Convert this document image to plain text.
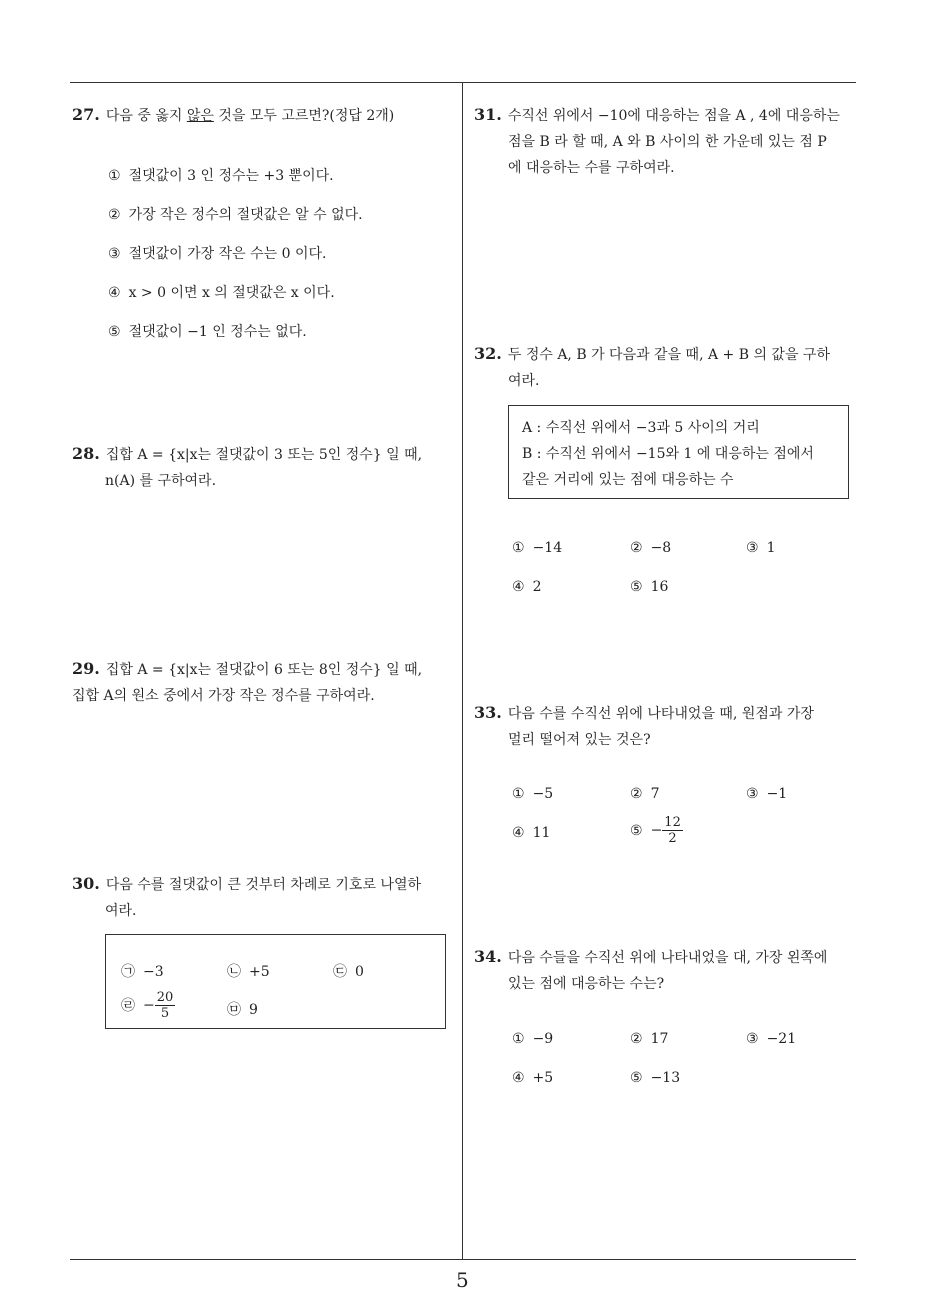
27. 다음 중 옳지 않은 것을 모두 고르면?(정답 2개)
① 절댓값이 3 인 정수는 +3 뿐이다.
② 가장 작은 정수의 절댓값은 알 수 없다.
③ 절댓값이 가장 작은 수는 0 이다.
④ x > 0 이면 x 의 절댓값은 x 이다.
⑤ 절댓값이 −1 인 정수는 없다.
28. 집합 A = {x|x는 절댓값이 3 또는 5인 정수} 일 때,
n(A) 를 구하여라.
29. 집합 A = {x|x는 절댓값이 6 또는 8인 정수} 일 때,
집합 A의 원소 중에서 가장 작은 정수를 구하여라.
30. 다음 수를 절댓값이 큰 것부터 차례로 기호로 나열하
여라.
㉠ −3	㉡ +5	㉢ 0
㉣ − $\frac{20}{5}$	㉤ 9
31. 수직선 위에서 −10에 대응하는 점을 A , 4에 대응하는
점을 B 라 할 때, A 와 B 사이의 한 가운데 있는 점 P
에 대응하는 수를 구하여라.
32. 두 정수 A, B 가 다음과 같을 때, A + B 의 값을 구하
여라.
A : 수직선 위에서 −3과 5 사이의 거리
B : 수직선 위에서 −15와 1 에 대응하는 점에서
같은 거리에 있는 점에 대응하는 수
① −14	② −8	③ 1
④ 2	⑤ 16
33. 다음 수를 수직선 위에 나타내었을 때, 원점과 가장
멀리 떨어져 있는 것은?
① −5	② 7	③ −1
④ 11	⑤ − $\frac{12}{2}$
34. 다음 수들을 수직선 위에 나타내었을 대, 가장 왼쪽에
있는 점에 대응하는 수는?
① −9	② 17	③ −21
④ +5	⑤ −13
5
